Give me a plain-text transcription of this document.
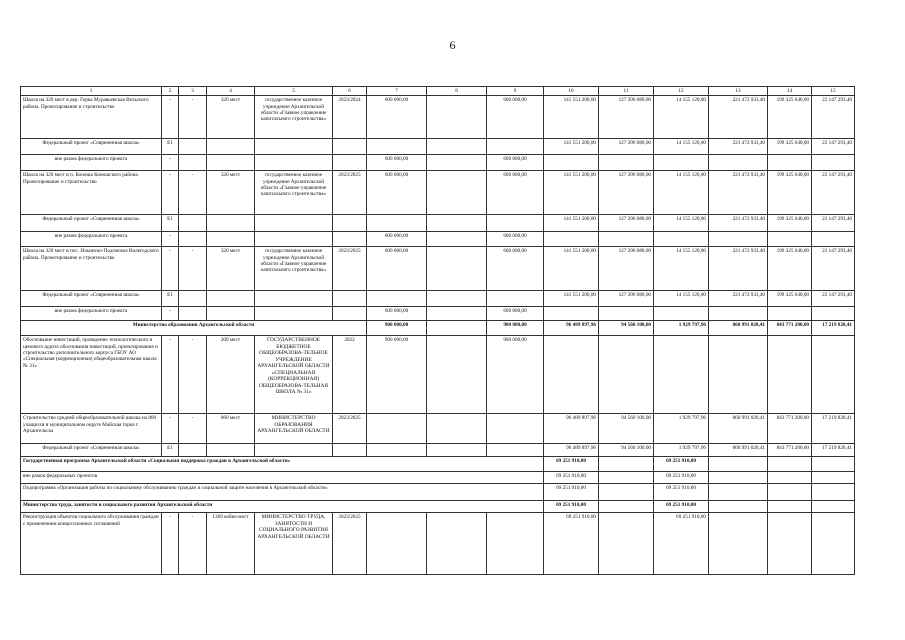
6
1	2	3	4	5	6	7	8	9	10	11	12	13	14	15
Школа на 320 мест в дер. Горка Муравьевская Вельского района. Проектирование и строительство	-	-	320 мест	государственное казенное учреждение Архангельской области «Главное управление капитального строительства»	2023/2024	600 000,00		600 000,00	141 551 200,00	127 396 080,00	14 155 120,00	221 472 933,40	199 325 640,00	22 147 293,40
Федеральный проект «Современная школа»	E1								141 551 200,00	127 396 080,00	14 155 120,00	221 472 933,40	199 325 640,00	22 147 293,40
вне рамок федерального проекта	-					600 000,00		600 000,00						
Школа на 320 мест в п. Коноша Коношского района. Проектирование и строительство	-	-	320 мест	государственное казенное учреждение Архангельской области «Главное управление капитального строительства»	2023/2025	600 000,00		600 000,00	141 551 200,00	127 396 080,00	14 155 120,00	221 472 933,40	199 325 640,00	22 147 293,40
Федеральный проект «Современная школа»	E1								141 551 200,00	127 396 080,00	14 155 120,00	221 472 933,40	199 325 640,00	22 147 293,40
вне рамок федерального проекта	-					600 000,00		600 000,00						
Школа на 320 мест в пос. Ильинско-Подомское Вилегодского района. Проектирование и строительство	-	-	320 мест	государственное казенное учреждение Архангельской области «Главное управление капитального строительства»	2023/2025	600 000,00		600 000,00	141 551 200,00	127 396 080,00	14 155 120,00	221 472 933,40	199 325 640,00	22 147 293,40
Федеральный проект «Современная школа»	E1								141 551 200,00	127 396 080,00	14 155 120,00	221 472 933,40	199 325 640,00	22 147 293,40
вне рамок федерального проекта	-					600 000,00		600 000,00						
Министерство образования Архангельской области						900 000,00		900 000,00	96 489 897,96	94 560 100,00	1 929 797,96	860 991 020,41	843 771 200,00	17 219 820,41
Обоснование инвестиций, проведение технологического и ценового аудита обоснования инвестиций, проектирование и строительство дополнительного корпуса ГБОУ АО «Специальная (коррекционная) общеобразовательная школа № 31»	-	-	200 мест	ГОСУДАРСТВЕННОЕ БЮДЖЕТНОЕ ОБЩЕОБРАЗОВА-ТЕЛЬНОЕ УЧРЕЖДЕНИЕ АРХАНГЕЛЬСКОЙ ОБЛАСТИ «СПЕЦИАЛЬНАЯ (КОРРЕКЦИОННАЯ) ОБЩЕОБРАЗОВА-ТЕЛЬНАЯ ШКОЛА № 31»	2022	900 000,00		900 000,00						
Строительство средней общеобразовательной школы на 860 учащихся в муниципальном округе Майская горка г. Архангельска	-	-	860 мест	МИНИСТЕРСТВО ОБРАЗОВАНИЯ АРХАНГЕЛЬСКОЙ ОБЛАСТИ	2023/2025				96 489 897,96	94 560 100,00	1 929 797,96	860 991 020,41	843 771 200,00	17 219 820,41
Федеральный проект «Современная школа»	E1								96 489 897,96	94 560 100,00	1 929 797,96	860 991 020,41	843 771 200,00	17 219 820,41
Государственная программа Архангельской области «Социальная поддержка граждан в Архангельской области»									69 251 910,00		69 251 910,00			
вне рамок федеральных проектов									69 251 910,00		69 251 910,00			
Подпрограмма «Организация работы по социальному обслуживанию граждан и социальной защите населения в Архангельской области»									69 251 910,00		69 251 910,00			
Министерство труда, занятости и социального развития Архангельской области									69 251 910,00		69 251 910,00			
Реконструкция объектов социального обслуживания граждан с применением концессионных соглашений	-	-	1369 койко-мест	МИНИСТЕРСТВО ТРУДА, ЗАНЯТОСТИ И СОЦИАЛЬНОГО РАЗВИТИЯ АРХАНГЕЛЬСКОЙ ОБЛАСТИ	2023/2025				69 251 910,00		69 251 910,00			
